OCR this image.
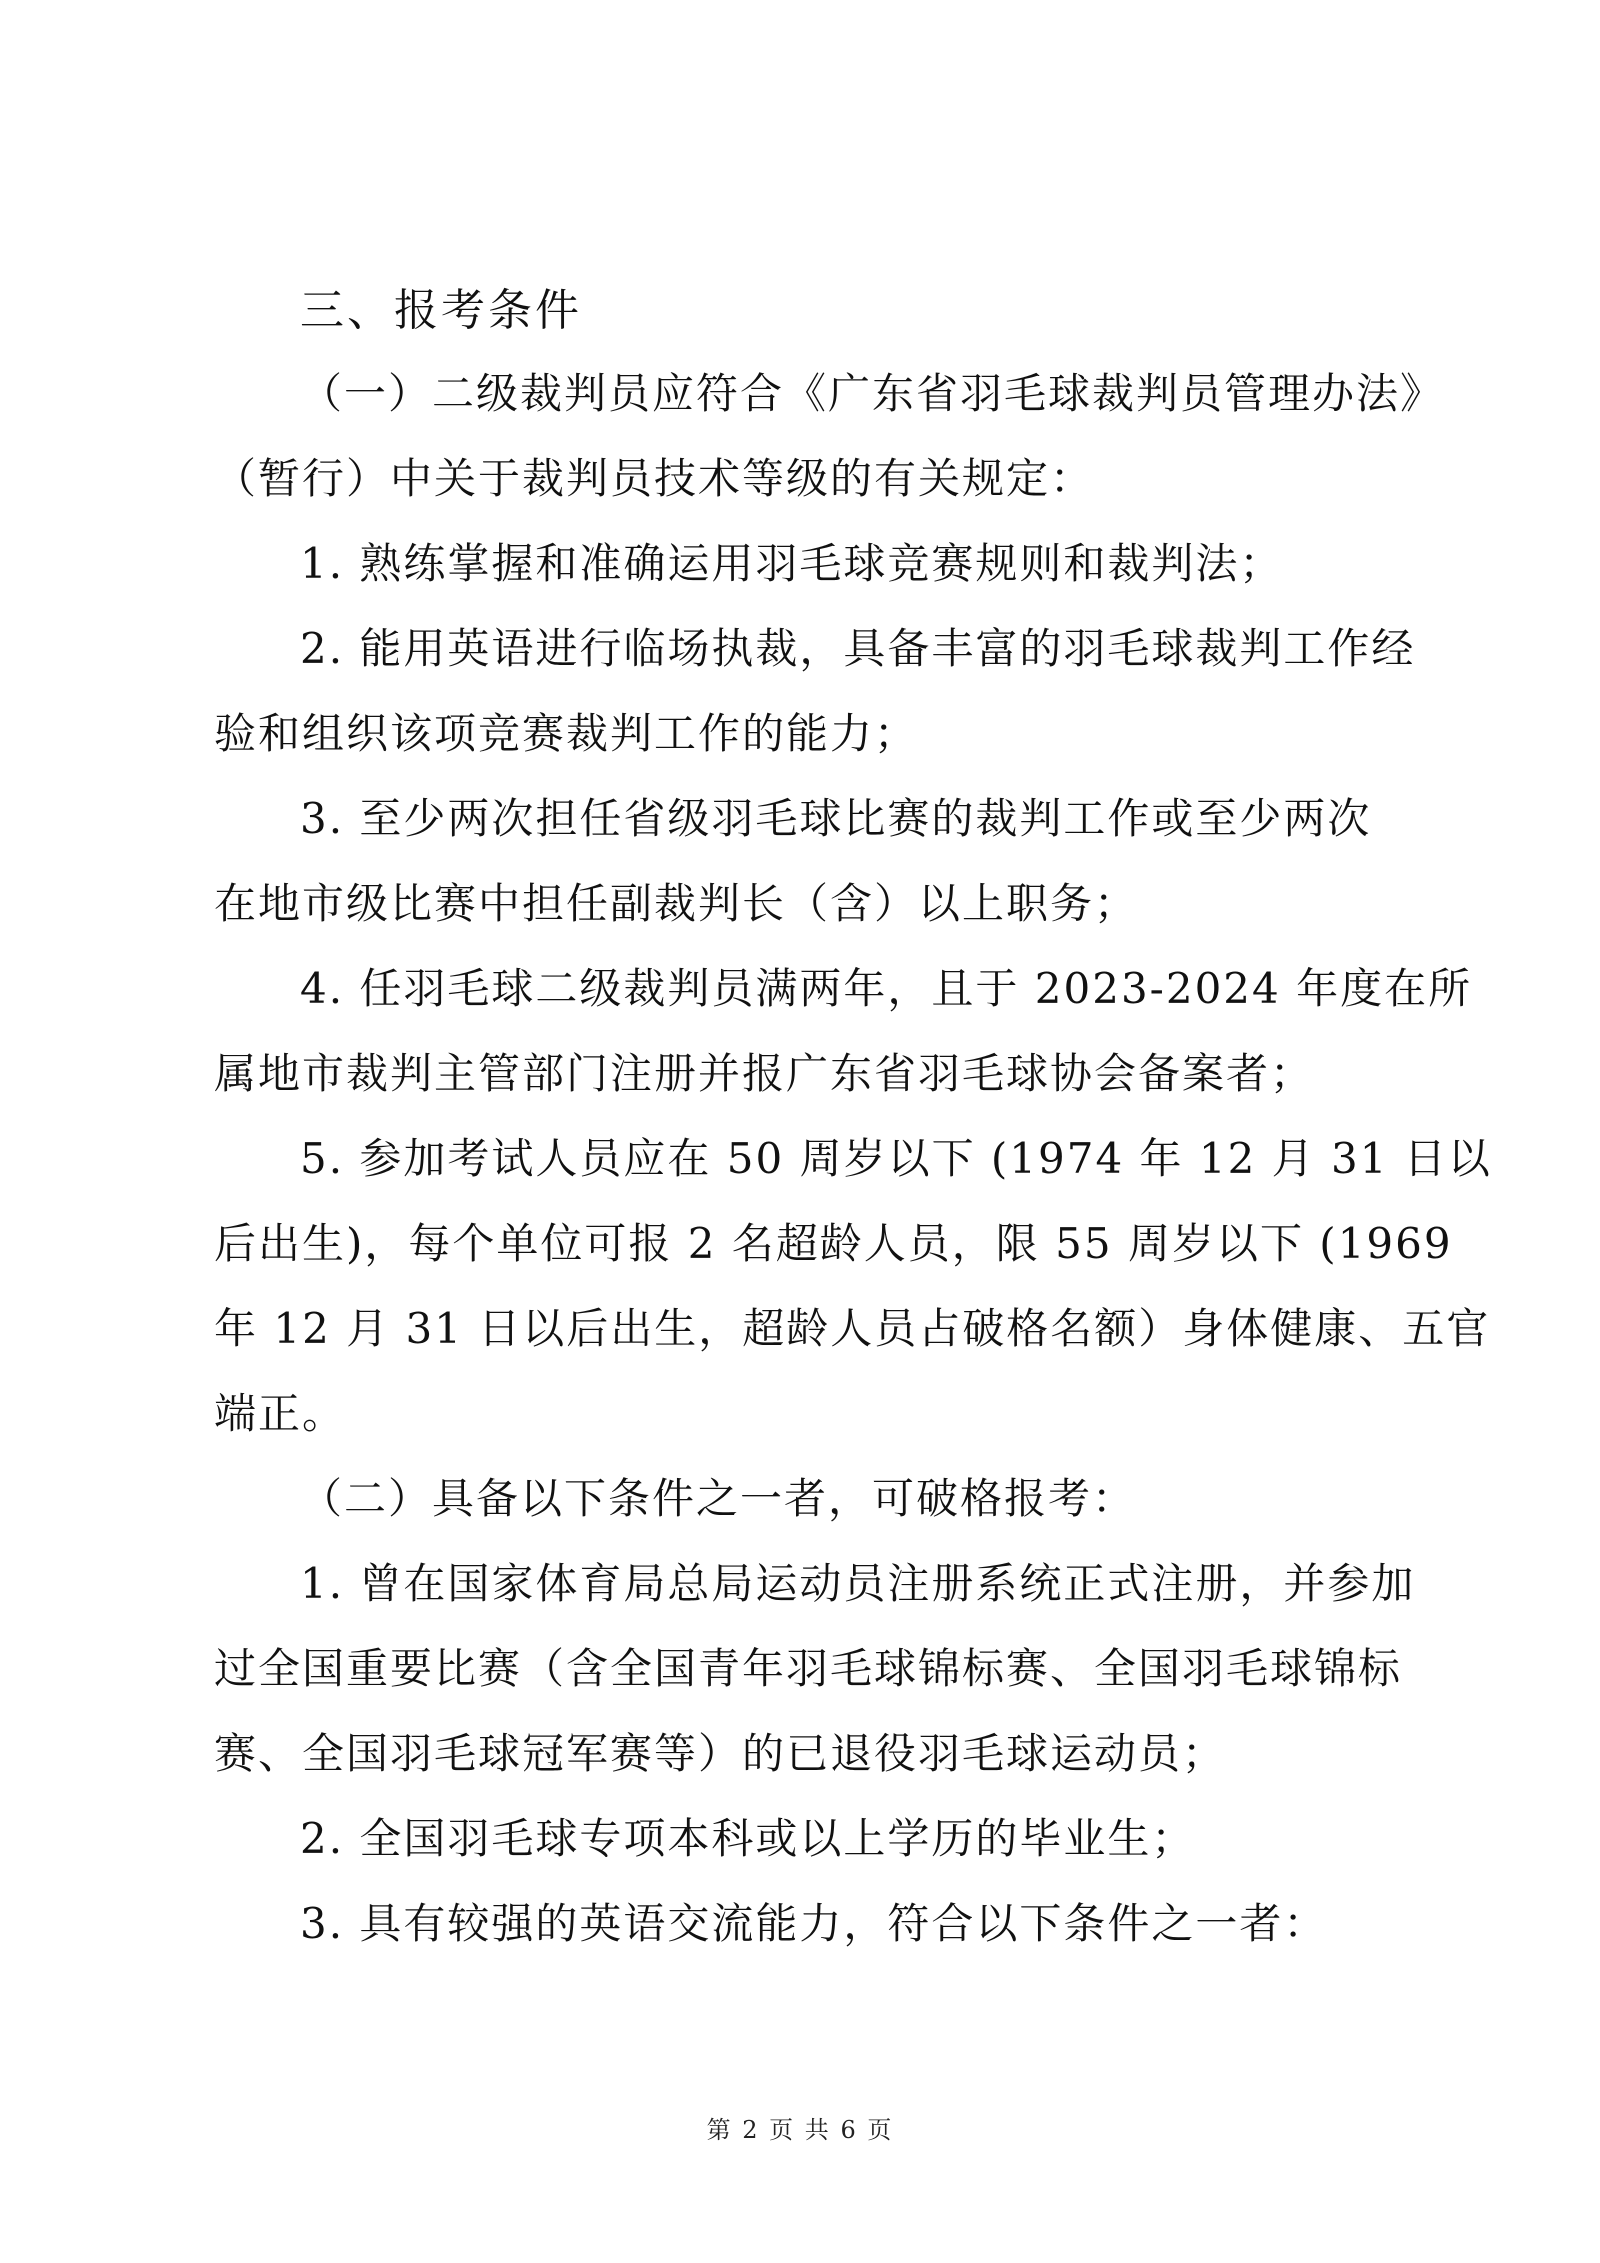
三、报考条件
（一）二级裁判员应符合《广东省羽毛球裁判员管理办法》
（暂行）中关于裁判员技术等级的有关规定：
1. 熟练掌握和准确运用羽毛球竞赛规则和裁判法；
2. 能用英语进行临场执裁，具备丰富的羽毛球裁判工作经
验和组织该项竞赛裁判工作的能力；
3. 至少两次担任省级羽毛球比赛的裁判工作或至少两次
在地市级比赛中担任副裁判长（含）以上职务；
4. 任羽毛球二级裁判员满两年，且于 2023-2024 年度在所
属地市裁判主管部门注册并报广东省羽毛球协会备案者；
5. 参加考试人员应在 50 周岁以下 (1974 年 12 月 31 日以
后出生)，每个单位可报 2 名超龄人员，限 55 周岁以下 (1969
年 12 月 31 日以后出生，超龄人员占破格名额）身体健康、五官
端正。
（二）具备以下条件之一者，可破格报考：
1. 曾在国家体育局总局运动员注册系统正式注册，并参加
过全国重要比赛（含全国青年羽毛球锦标赛、全国羽毛球锦标
赛、全国羽毛球冠军赛等）的已退役羽毛球运动员；
2. 全国羽毛球专项本科或以上学历的毕业生；
3. 具有较强的英语交流能力，符合以下条件之一者：
第 2 页 共 6 页
